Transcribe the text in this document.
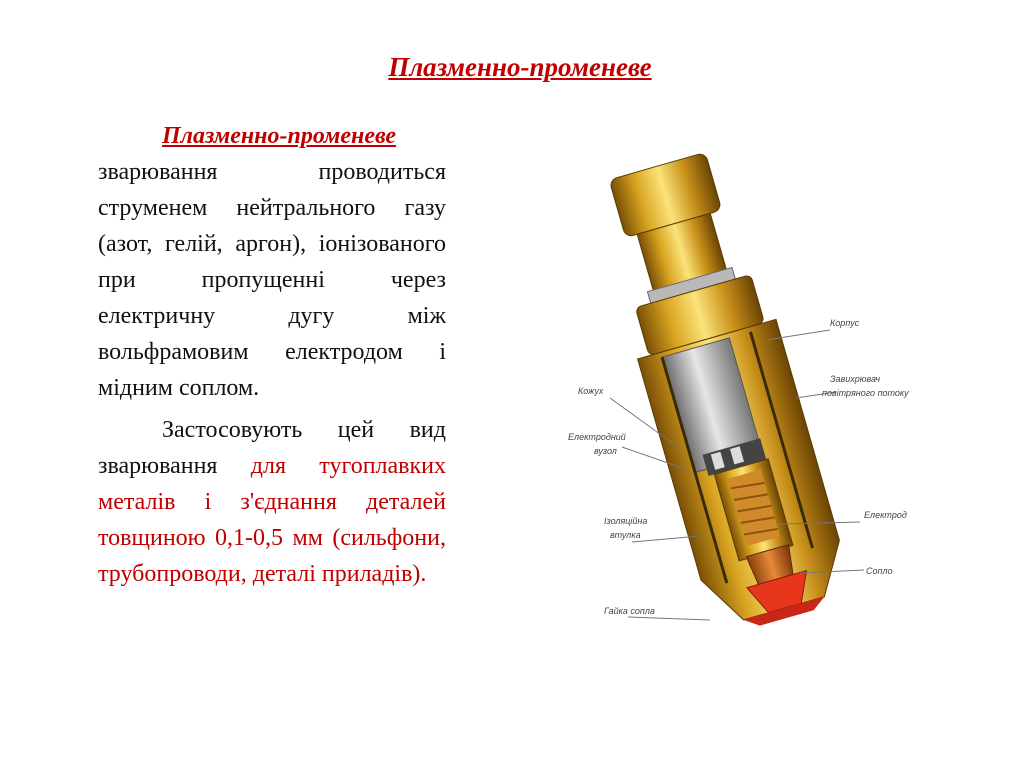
Плазменно-променеве

Плазменно-променеве зварювання проводиться струменем нейтрального газу (азот, гелій, аргон), іонізованого при пропущенні через електричну дугу між вольфрамовим електродом і мідним соплом.

Застосовують цей вид зварювання для тугоплавких металів і з'єднання деталей товщиною 0,1-0,5 мм (сильфони, трубопроводи, деталі приладів).

Корпус
Завихрювач
повітряного потоку
Кожух
Електродний
вузол
Електрод
Ізоляційна
втулка
Сопло
Гайка сопла
